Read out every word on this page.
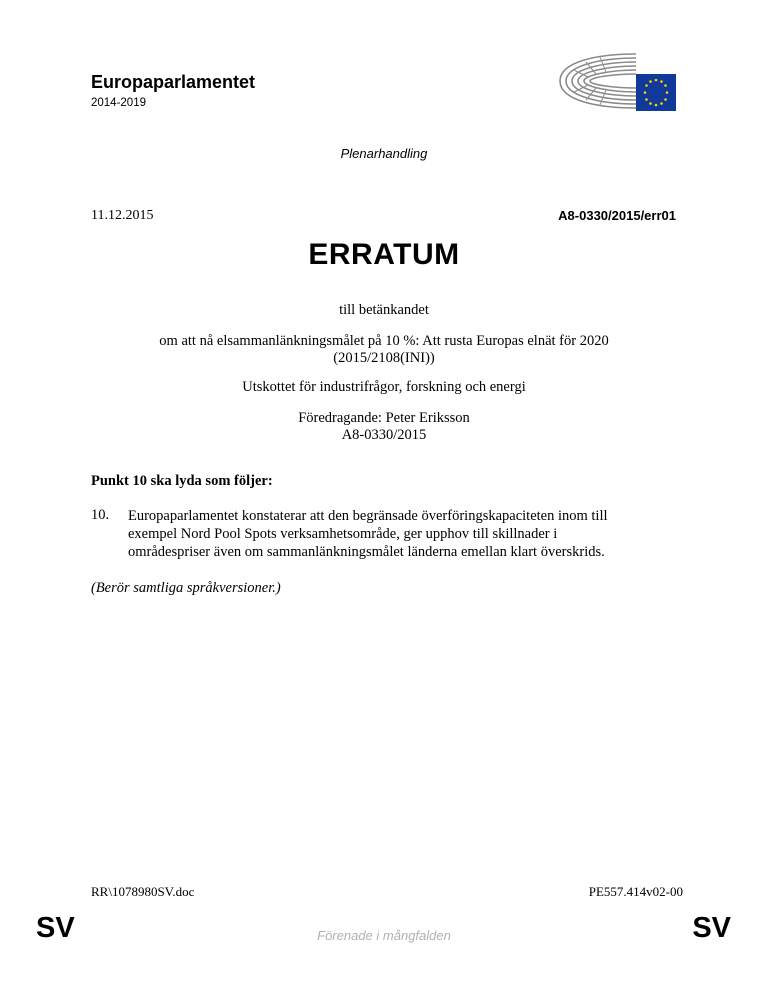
Europaparlamentet
2014-2019
Plenarhandling
11.12.2015	A8-0330/2015/err01
ERRATUM
till betänkandet
om att nå elsammanlänkningsmålet på 10 %: Att rusta Europas elnät för 2020
(2015/2108(INI))
Utskottet för industrifrågor, forskning och energi
Föredragande: Peter Eriksson
A8-0330/2015
Punkt 10 ska lyda som följer:
10. Europaparlamentet konstaterar att den begränsade överföringskapaciteten inom till
exempel Nord Pool Spots verksamhetsområde, ger upphov till skillnader i
områdespriser även om sammanlänkningsmålet länderna emellan klart överskrids.
(Berör samtliga språkversioner.)
RR\1078980SV.doc	PE557.414v02-00
SV	Förenade i mångfalden	SV
